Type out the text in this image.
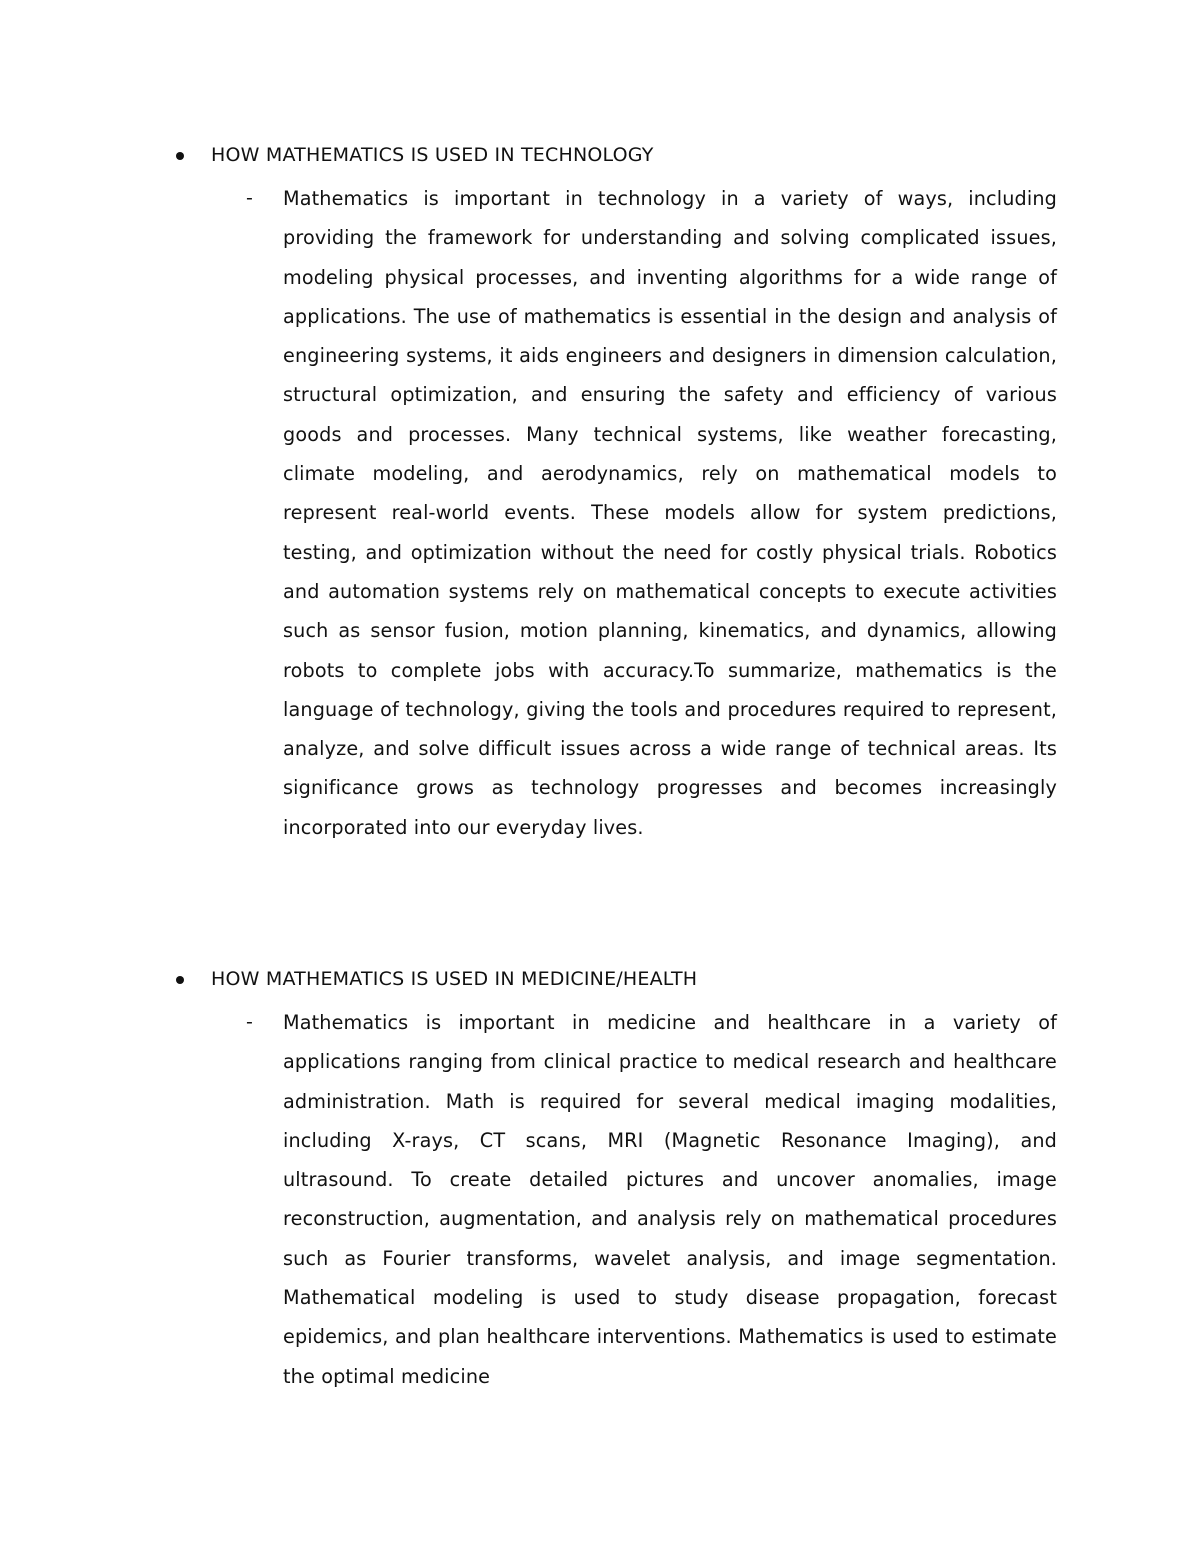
HOW MATHEMATICS IS USED IN TECHNOLOGY
- Mathematics is important in technology in a variety of ways, including providing the framework for understanding and solving complicated issues, modeling physical processes, and inventing algorithms for a wide range of applications. The use of mathematics is essential in the design and analysis of engineering systems, it aids engineers and designers in dimension calculation, structural optimization, and ensuring the safety and efficiency of various goods and processes. Many technical systems, like weather forecasting, climate modeling, and aerodynamics, rely on mathematical models to represent real-world events. These models allow for system predictions, testing, and optimization without the need for costly physical trials. Robotics and automation systems rely on mathematical concepts to execute activities such as sensor fusion, motion planning, kinematics, and dynamics, allowing robots to complete jobs with accuracy.To summarize, mathematics is the language of technology, giving the tools and procedures required to represent, analyze, and solve difficult issues across a wide range of technical areas. Its significance grows as technology progresses and becomes increasingly incorporated into our everyday lives.

HOW MATHEMATICS IS USED IN MEDICINE/HEALTH
- Mathematics is important in medicine and healthcare in a variety of applications ranging from clinical practice to medical research and healthcare administration. Math is required for several medical imaging modalities, including X-rays, CT scans, MRI (Magnetic Resonance Imaging), and ultrasound. To create detailed pictures and uncover anomalies, image reconstruction, augmentation, and analysis rely on mathematical procedures such as Fourier transforms, wavelet analysis, and image segmentation. Mathematical modeling is used to study disease propagation, forecast epidemics, and plan healthcare interventions. Mathematics is used to estimate the optimal medicine
